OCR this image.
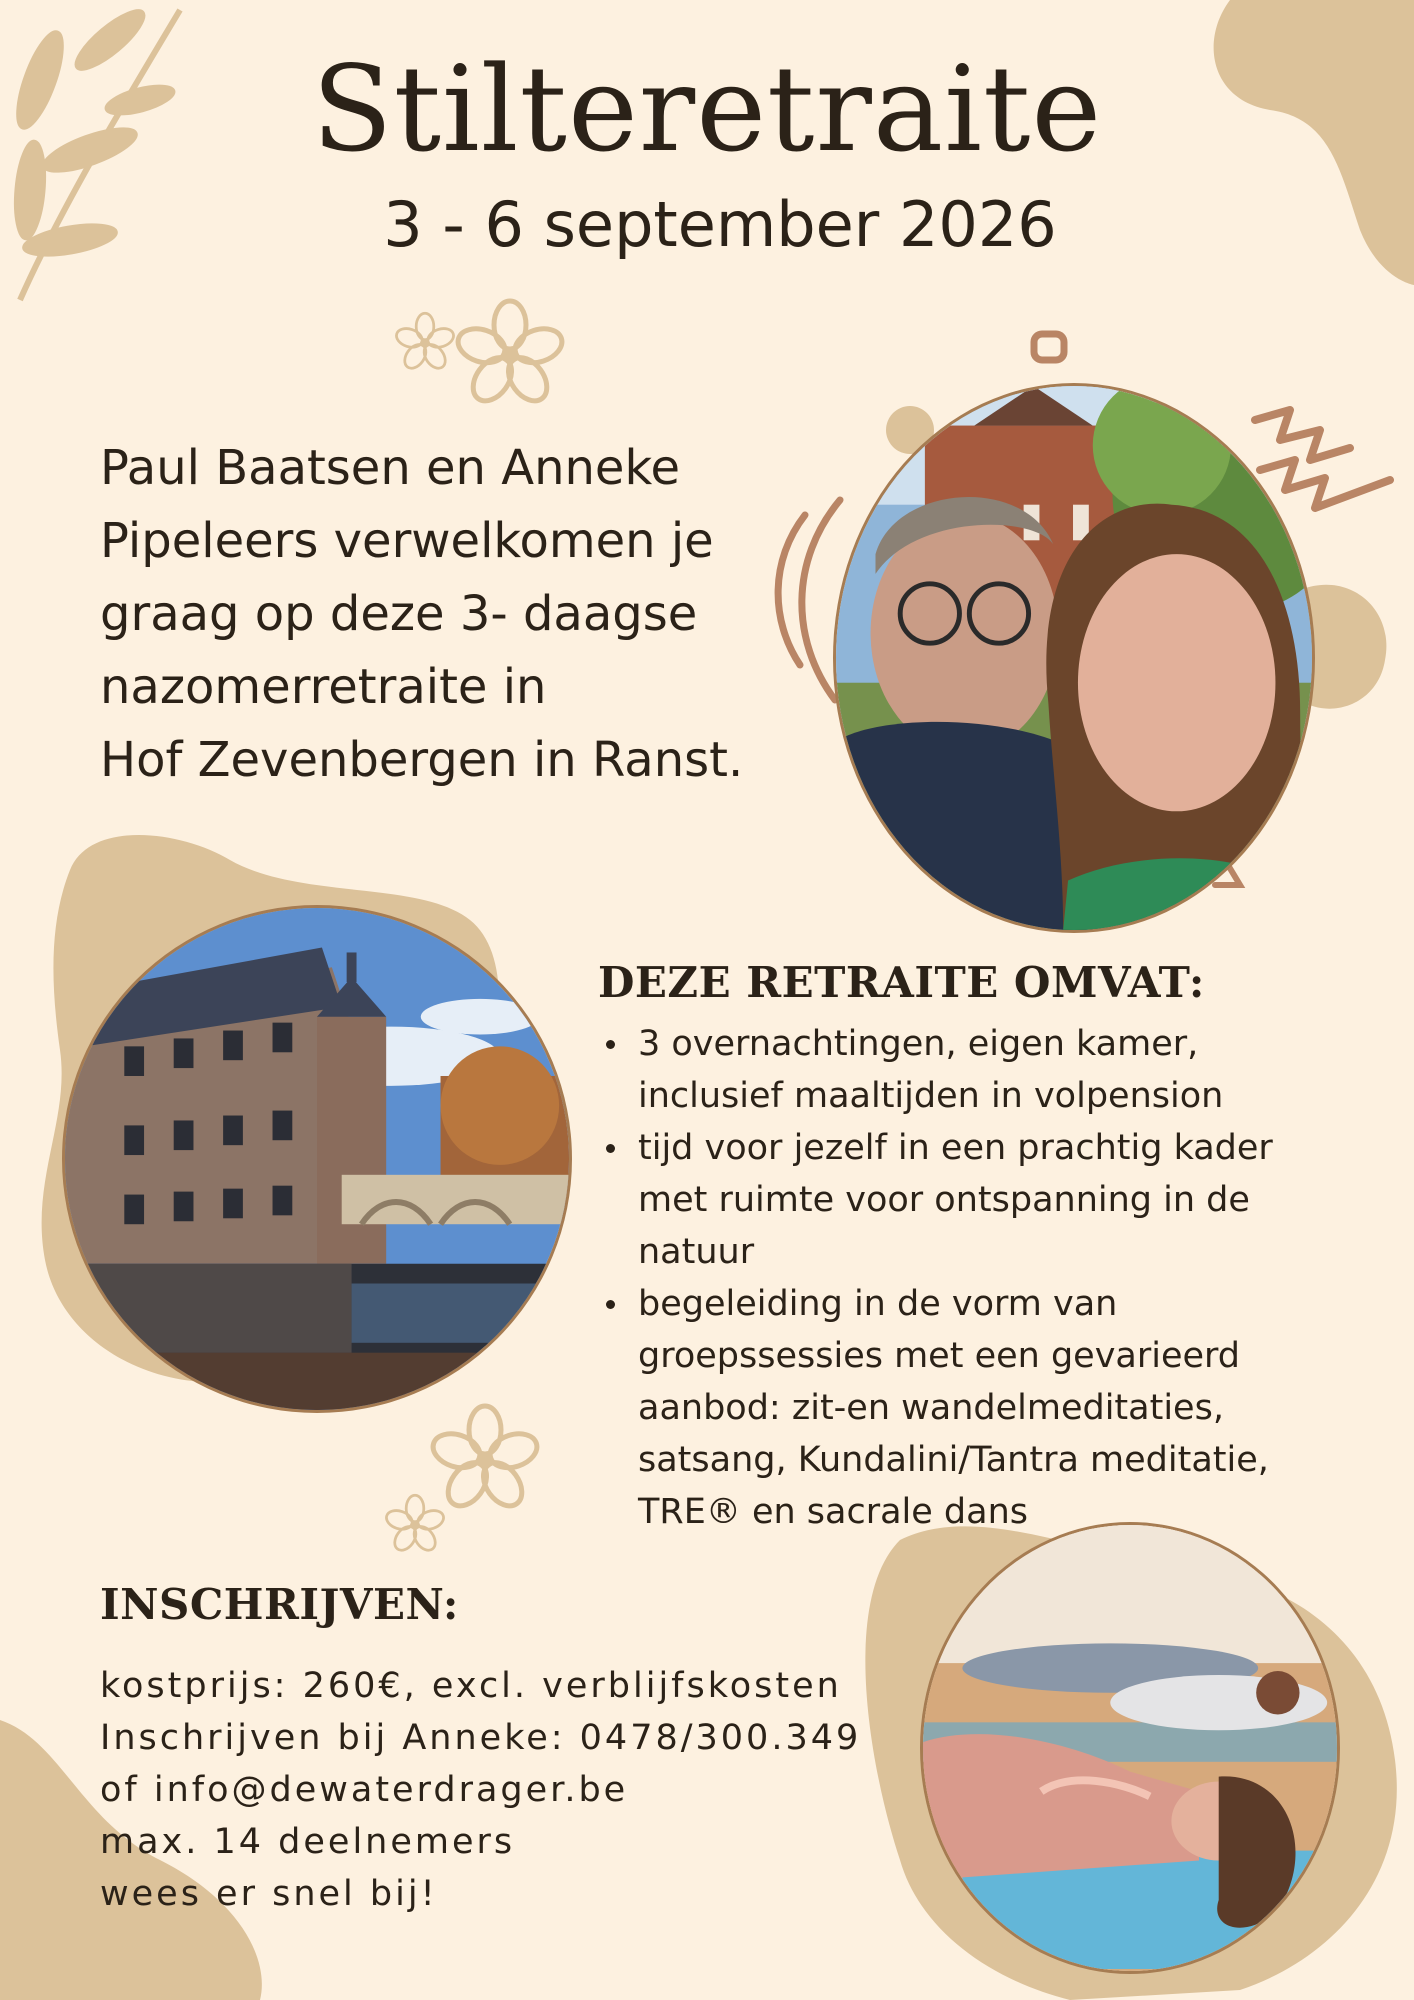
Stilteretraite
3 - 6 september 2026
Paul Baatsen en Anneke
Pipeleers verwelkomen je
graag op deze 3- daagse
nazomerretraite in
Hof Zevenbergen in Ranst.
DEZE RETRAITE OMVAT:
3 overnachtingen, eigen kamer, inclusief maaltijden in volpension
tijd voor jezelf in een prachtig kader met ruimte voor ontspanning in de natuur
begeleiding in de vorm van groepssessies met een gevarieerd aanbod: zit-en wandelmeditaties, satsang, Kundalini/Tantra meditatie, TRE® en sacrale dans
INSCHRIJVEN:
kostprijs: 260€, excl. verblijfskosten
Inschrijven bij Anneke: 0478/300.349
of info@dewaterdrager.be
max. 14 deelnemers
wees er snel bij!
